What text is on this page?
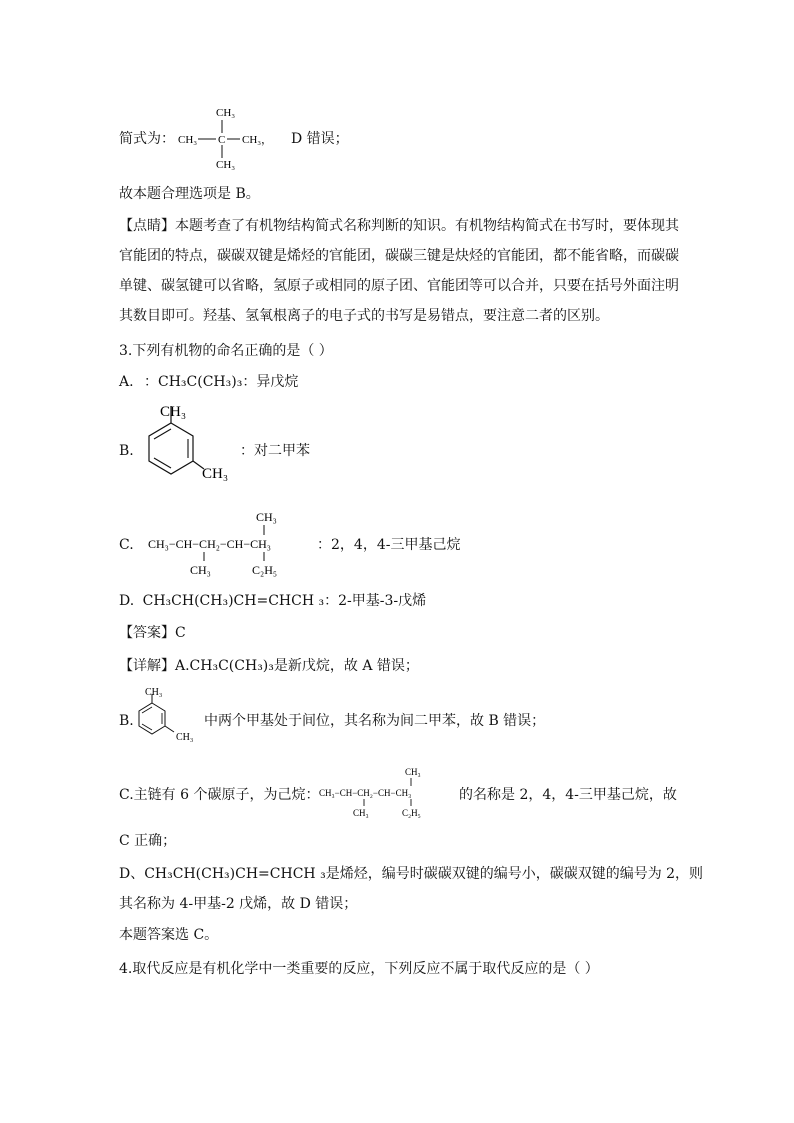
简式为：
CH₃
CH₃ C CH₃，
CH₃
D 错误；
故本题合理选项是 B。
【点睛】本题考查了有机物结构简式名称判断的知识。有机物结构简式在书写时，要体现其
官能团的特点，碳碳双键是烯烃的官能团，碳碳三键是炔烃的官能团，都不能省略，而碳碳
单键、碳氢键可以省略，氢原子或相同的原子团、官能团等可以合并，只要在括号外面注明
其数目即可。羟基、氢氧根离子的电子式的书写是易错点，要注意二者的区别。
3.下列有机物的命名正确的是（ ）
A. ：CH₃C(CH₃)₃：异戊烷
B.
CH₃
CH₃
：对二甲苯
C.
CH₃
CH₃−CH−CH₂−CH−CH₃
CH₃	C₂H₅
：2，4，4-三甲基己烷
D. CH₃CH(CH₃)CH=CHCH ₃：2-甲基-3-戊烯
【答案】C
【详解】A.CH₃C(CH₃)₃是新戊烷，故 A 错误；
B.
CH₃
CH₃
中两个甲基处于间位，其名称为间二甲苯，故 B 错误；
C.主链有 6 个碳原子，为己烷：
CH₃
CH₃−CH−CH₂−CH−CH₃
CH₃	C₂H₅
的名称是 2，4，4-三甲基己烷，故
C 正确；
D、CH₃CH(CH₃)CH=CHCH ₃是烯烃，编号时碳碳双键的编号小，碳碳双键的编号为 2，则
其名称为 4-甲基-2 戊烯，故 D 错误；
本题答案选 C。
4.取代反应是有机化学中一类重要的反应，下列反应不属于取代反应的是（ ）
